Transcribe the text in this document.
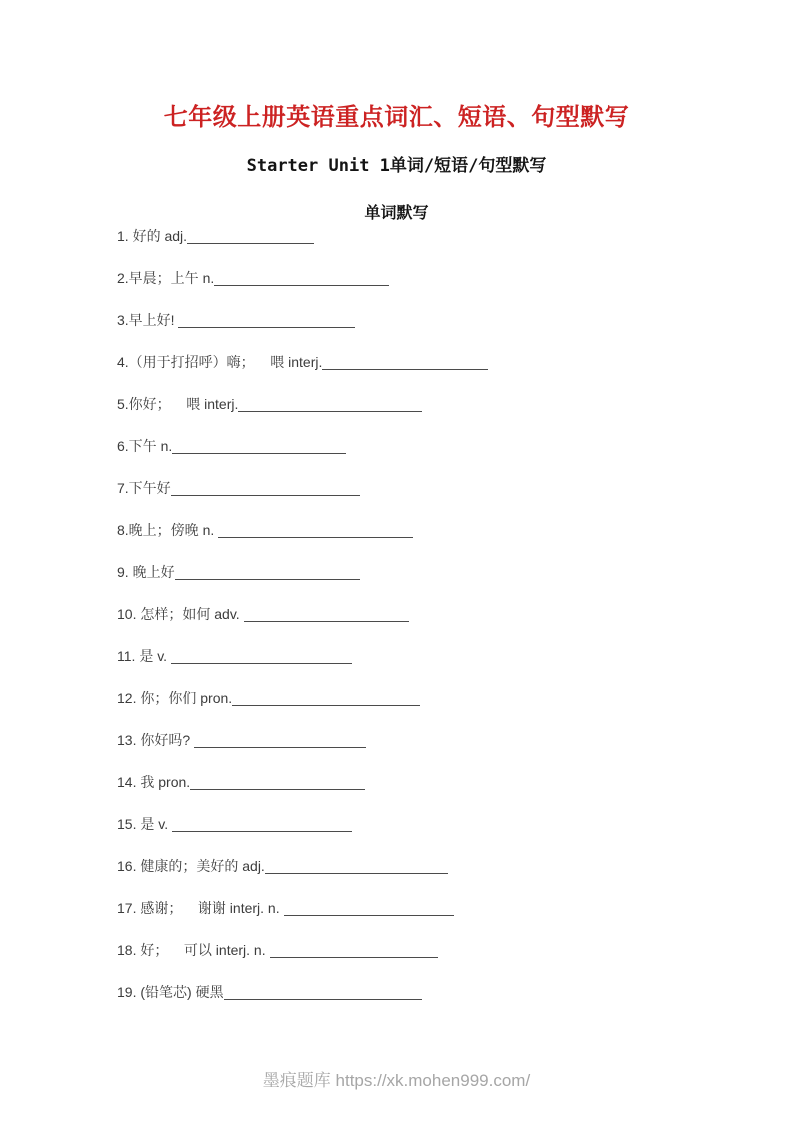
七年级上册英语重点词汇、短语、句型默写
Starter Unit 1单词/短语/句型默写
单词默写
1. 好的 adj.
2.早晨；上午 n.
3.早上好!
4.（用于打招呼）嗨；    喂 interj.
5.你好；    喂 interj.
6.下午 n.
7.下午好
8.晚上；傍晚 n.
9. 晚上好
10. 怎样；如何 adv.
11. 是 v.
12. 你；你们 pron.
13. 你好吗?
14. 我 pron.
15. 是 v.
16. 健康的；美好的 adj.
17. 感谢；    谢谢 interj. n.
18. 好；    可以 interj. n.
19. (铅笔芯) 硬黑
墨痕题库 https://xk.mohen999.com/
